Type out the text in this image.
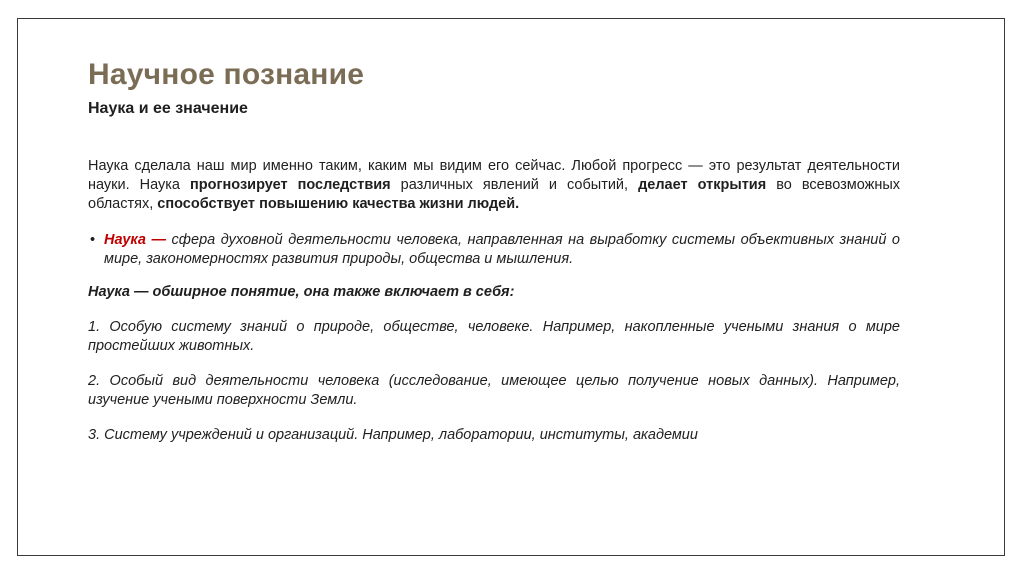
Научное познание
Наука и ее значение

Наука сделала наш мир именно таким, каким мы видим его сейчас. Любой прогресс — это результат деятельности науки. Наука прогнозирует последствия различных явлений и событий, делает открытия во всевозможных областях, способствует повышению качества жизни людей.

• Наука — сфера духовной деятельности человека, направленная на выработку системы объективных знаний о мире, закономерностях развития природы, общества и мышления.
Наука — обширное понятие, она также включает в себя:
1. Особую систему знаний о природе, обществе, человеке. Например, накопленные учеными знания о мире простейших животных.
2. Особый вид деятельности человека (исследование, имеющее целью получение новых данных). Например, изучение учеными поверхности Земли.
3. Систему учреждений и организаций. Например, лаборатории, институты, академии
